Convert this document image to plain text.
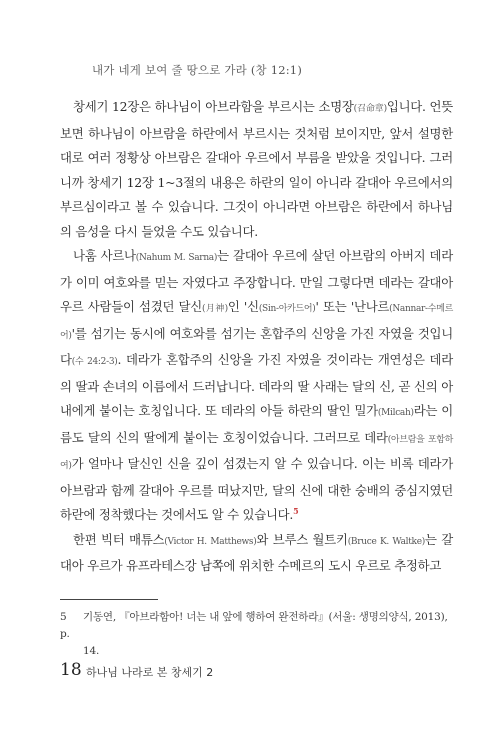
내가 네게 보여 줄 땅으로 가라 (창 12:1)

창세기 12장은 하나님이 아브라함을 부르시는 소명장(召命章)입니다. 언뜻 보면 하나님이 아브람을 하란에서 부르시는 것처럼 보이지만, 앞서 설명한 대로 여러 정황상 아브람은 갈대아 우르에서 부름을 받았을 것입니다. 그러니까 창세기 12장 1~3절의 내용은 하란의 일이 아니라 갈대아 우르에서의 부르심이라고 볼 수 있습니다. 그것이 아니라면 아브람은 하란에서 하나님의 음성을 다시 들었을 수도 있습니다.

나훔 사르나(Nahum M. Sarna)는 갈대아 우르에 살던 아브람의 아버지 데라가 이미 여호와를 믿는 자였다고 주장합니다. 만일 그렇다면 데라는 갈대아 우르 사람들이 섬겼던 달신(月神)인 '신(Sin-아카드어)' 또는 '난나르(Nannar-수메르어)'를 섬기는 동시에 여호와를 섬기는 혼합주의 신앙을 가진 자였을 것입니다(수 24:2-3). 데라가 혼합주의 신앙을 가진 자였을 것이라는 개연성은 데라의 딸과 손녀의 이름에서 드러납니다. 데라의 딸 사래는 달의 신, 곧 신의 아내에게 붙이는 호칭입니다. 또 데라의 아들 하란의 딸인 밀가(Milcah)라는 이름도 달의 신의 딸에게 붙이는 호칭이었습니다. 그러므로 데라(아브람을 포함하여)가 얼마나 달신인 신을 깊이 섬겼는지 알 수 있습니다. 이는 비록 데라가 아브람과 함께 갈대아 우르를 떠났지만, 달의 신에 대한 숭배의 중심지였던 하란에 정착했다는 것에서도 알 수 있습니다.$^5$

한편 빅터 매튜스(Victor H. Matthews)와 브루스 월트키(Bruce K. Waltke)는 갈대아 우르가 유프라테스강 남쪽에 위치한 수메르의 도시 우르로 추정하고

5 기동연, 『아브라함아! 너는 내 앞에 행하여 완전하라』(서울: 생명의양식, 2013), p.
14.
18 하나님 나라로 본 창세기 2
